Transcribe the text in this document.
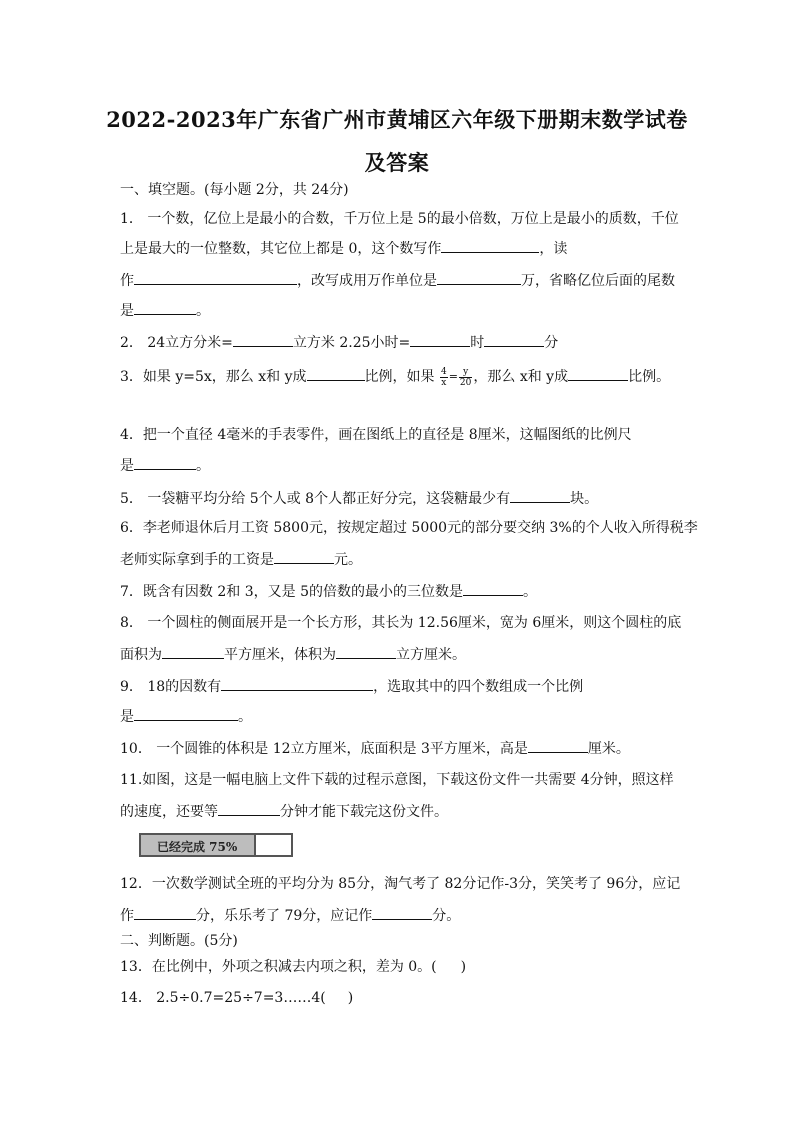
2022-2023年广东省广州市黄埔区六年级下册期末数学试卷
及答案
一、填空题。(每小题 2分，共 24分)
1． 一个数，亿位上是最小的合数，千万位上是 5的最小倍数，万位上是最小的质数，千位
上是最大的一位整数，其它位上都是 0，这个数写作	，读
作	，改写成用万作单位是	万，省略亿位后面的尾数
是	。
2． 24立方分米=	立方米 2.25小时=	时	分
3．如果 y=5x，那么 x和 y成	比例，如果 $\frac{4}{x} = \frac{y}{20}$ ，那么 x和 y成	比例。
4．把一个直径 4毫米的手表零件，画在图纸上的直径是 8厘米，这幅图纸的比例尺
是	。
5． 一袋糖平均分给 5个人或 8个人都正好分完，这袋糖最少有	块。
6．李老师退休后月工资 5800元，按规定超过 5000元的部分要交纳 3%的个人收入所得税李
老师实际拿到手的工资是	元。
7．既含有因数 2和 3，又是 5的倍数的最小的三位数是	。
8． 一个圆柱的侧面展开是一个长方形，其长为 12.56厘米，宽为 6厘米，则这个圆柱的底
面积为	平方厘米，体积为	立方厘米。
9． 18的因数有	，选取其中的四个数组成一个比例
是	。
10． 一个圆锥的体积是 12立方厘米，底面积是 3平方厘米，高是	厘米。
11.如图，这是一幅电脑上文件下载的过程示意图，下载这份文件一共需要 4分钟，照这样
的速度，还要等	分钟才能下载完这份文件。
已经完成 75%
12．一次数学测试全班的平均分为 85分，淘气考了 82分记作-3分，笑笑考了 96分，应记
作	分，乐乐考了 79分，应记作	分。
二、判断题。(5分)
13．在比例中，外项之积减去内项之积，差为 0。( )
14． 2.5÷0.7=25÷7=3……4( )
